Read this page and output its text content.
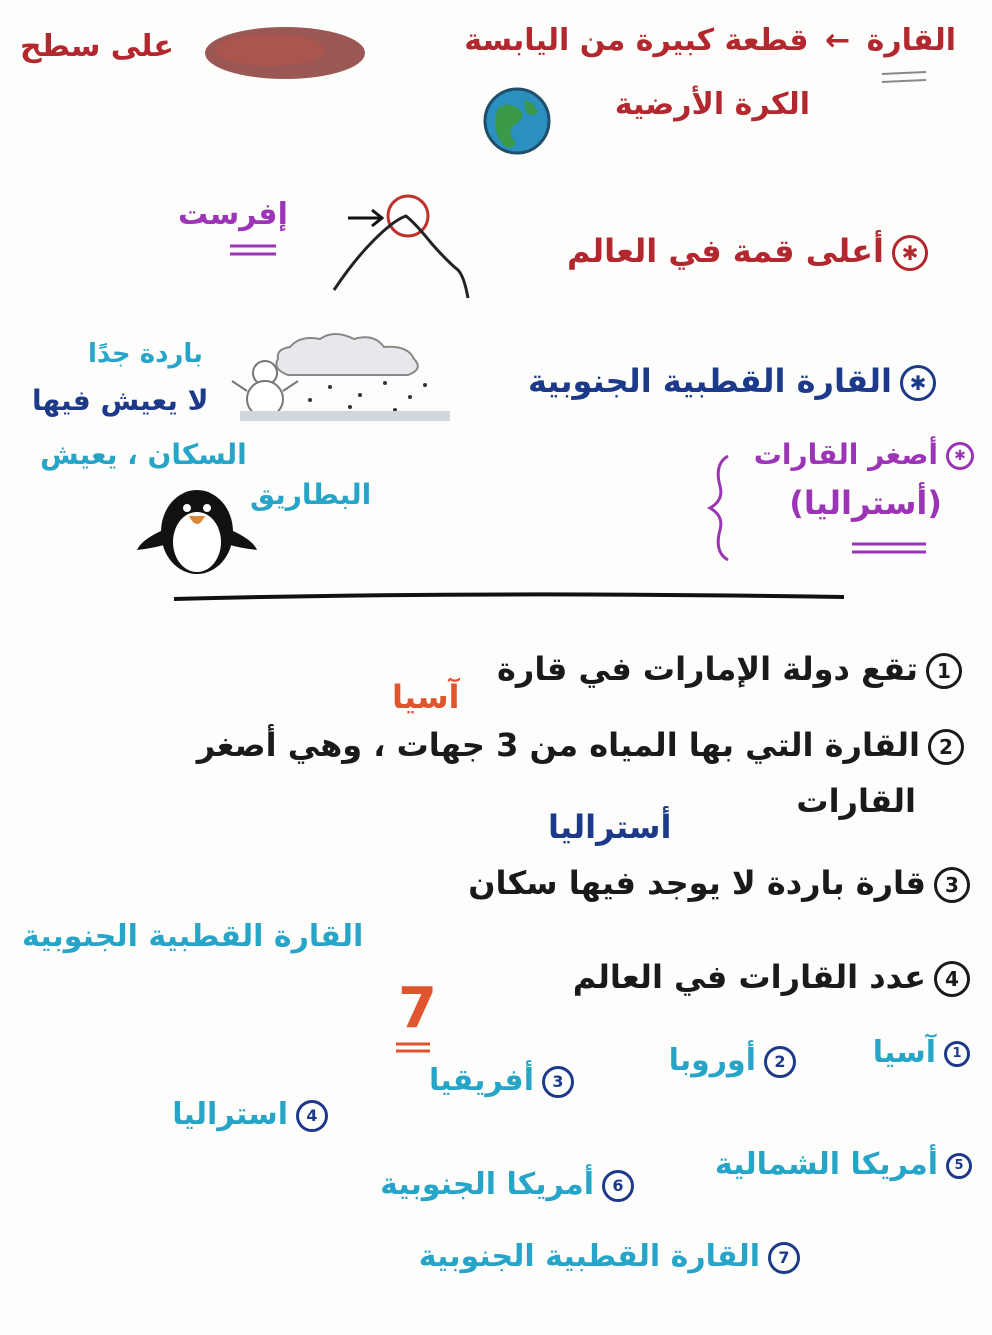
القارة ← قطعة كبيرة من اليابسة
على سطح
الكرة الأرضية
إفرست
✱أعلى قمة في العالم
باردة جدًا
لا يعيش فيها
✱القارة القطبية الجنوبية
السكان ، يعيش
البطاريق
✱أصغر القارات
(أستراليا)
1تقع دولة الإمارات في قارة
آسيا
2القارة التي بها المياه من 3 جهات ، وهي أصغر
القارات
أستراليا
3قارة باردة لا يوجد فيها سكان
القارة القطبية الجنوبية
4عدد القارات في العالم
7
1آسيا
2أوروبا
3أفريقيا
4استراليا
5أمريكا الشمالية
6أمريكا الجنوبية
7القارة القطبية الجنوبية
